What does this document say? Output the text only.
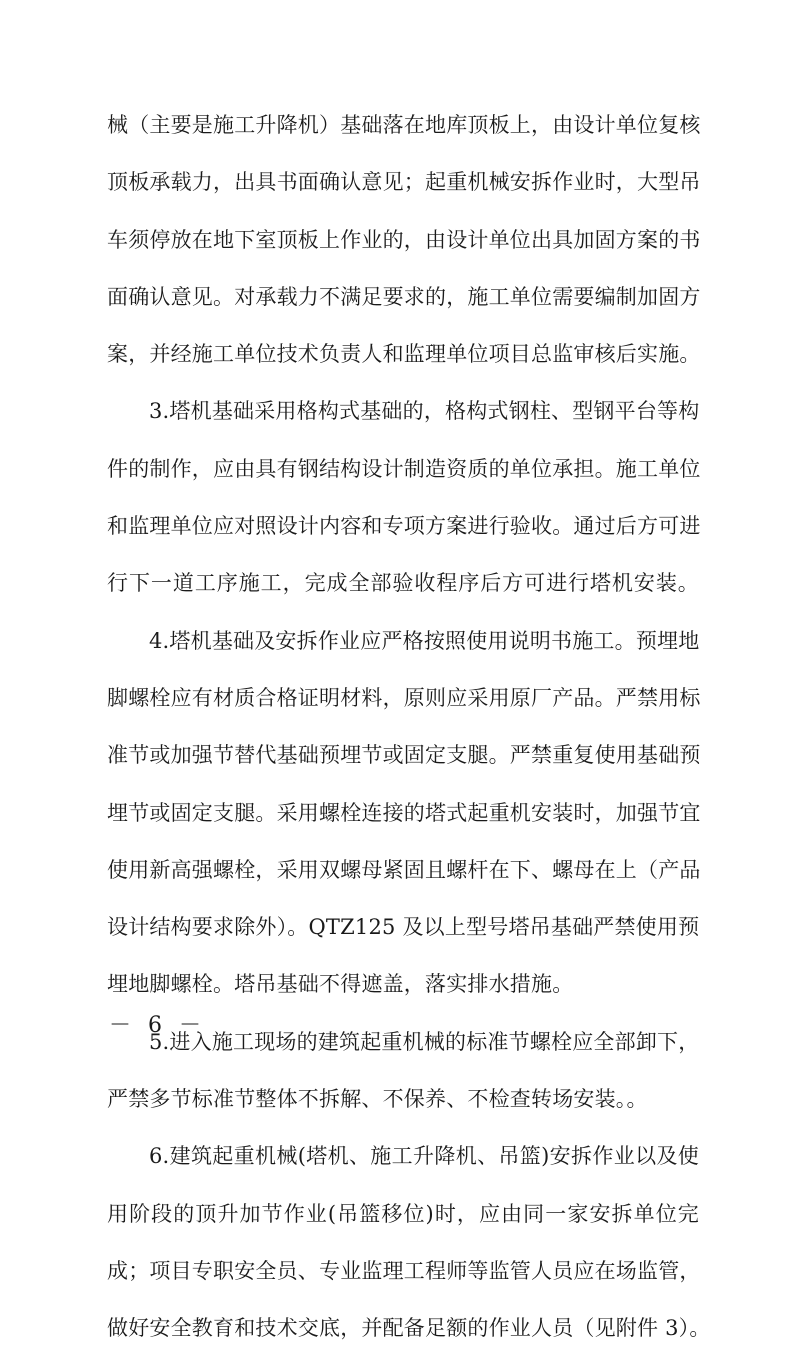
械（主要是施工升降机）基础落在地库顶板上，由设计单位复核
顶板承载力，出具书面确认意见；起重机械安拆作业时，大型吊
车须停放在地下室顶板上作业的，由设计单位出具加固方案的书
面确认意见。对承载力不满足要求的，施工单位需要编制加固方
案，并经施工单位技术负责人和监理单位项目总监审核后实施。
3.塔机基础采用格构式基础的，格构式钢柱、型钢平台等构
件的制作，应由具有钢结构设计制造资质的单位承担。施工单位
和监理单位应对照设计内容和专项方案进行验收。通过后方可进
行下一道工序施工，完成全部验收程序后方可进行塔机安装。
4.塔机基础及安拆作业应严格按照使用说明书施工。预埋地
脚螺栓应有材质合格证明材料，原则应采用原厂产品。严禁用标
准节或加强节替代基础预埋节或固定支腿。严禁重复使用基础预
埋节或固定支腿。采用螺栓连接的塔式起重机安装时，加强节宜
使用新高强螺栓，采用双螺母紧固且螺杆在下、螺母在上（产品
设计结构要求除外）。QTZ125 及以上型号塔吊基础严禁使用预
埋地脚螺栓。塔吊基础不得遮盖，落实排水措施。
5.进入施工现场的建筑起重机械的标准节螺栓应全部卸下，
严禁多节标准节整体不拆解、不保养、不检查转场安装。。
6.建筑起重机械(塔机、施工升降机、吊篮)安拆作业以及使
用阶段的顶升加节作业(吊篮移位)时，应由同一家安拆单位完
成；项目专职安全员、专业监理工程师等监管人员应在场监管，
做好安全教育和技术交底，并配备足额的作业人员（见附件 3）。
－ 6 －
